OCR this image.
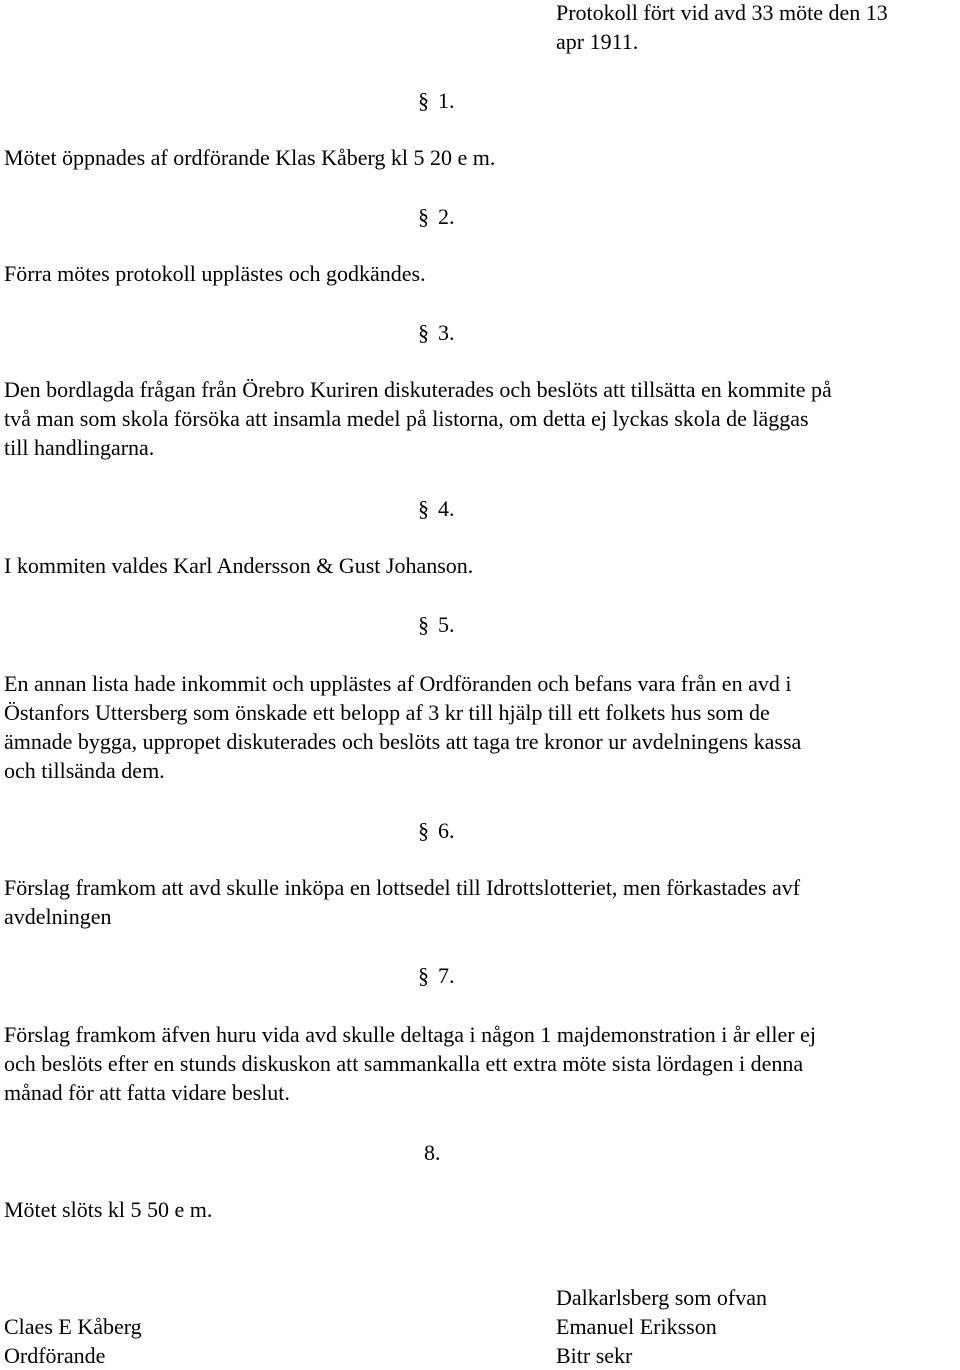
Protokoll fört vid avd 33 möte den 13
apr 1911.
§ 1.
Mötet öppnades af ordförande Klas Kåberg kl 5 20 e m.
§ 2.
Förra mötes protokoll upplästes och godkändes.
§ 3.
Den bordlagda frågan från Örebro Kuriren diskuterades och beslöts att tillsätta en kommite på
två man som skola försöka att insamla medel på listorna, om detta ej lyckas skola de läggas
till handlingarna.
§ 4.
I kommiten valdes Karl Andersson & Gust Johanson.
§ 5.
En annan lista hade inkommit och upplästes af Ordföranden och befans vara från en avd i
Östanfors Uttersberg som önskade ett belopp af 3 kr till hjälp till ett folkets hus som de
ämnade bygga, uppropet diskuterades och beslöts att taga tre kronor ur avdelningens kassa
och tillsända dem.
§ 6.
Förslag framkom att avd skulle inköpa en lottsedel till Idrottslotteriet, men förkastades avf
avdelningen
§ 7.
Förslag framkom äfven huru vida avd skulle deltaga i någon 1 majdemonstration i år eller ej
och beslöts efter en stunds diskuskon att sammankalla ett extra möte sista lördagen i denna
månad för att fatta vidare beslut.
8.
Mötet slöts kl 5 50 e m.
Claes E Kåberg
Ordförande
Dalkarlsberg som ofvan
Emanuel Eriksson
Bitr sekr
